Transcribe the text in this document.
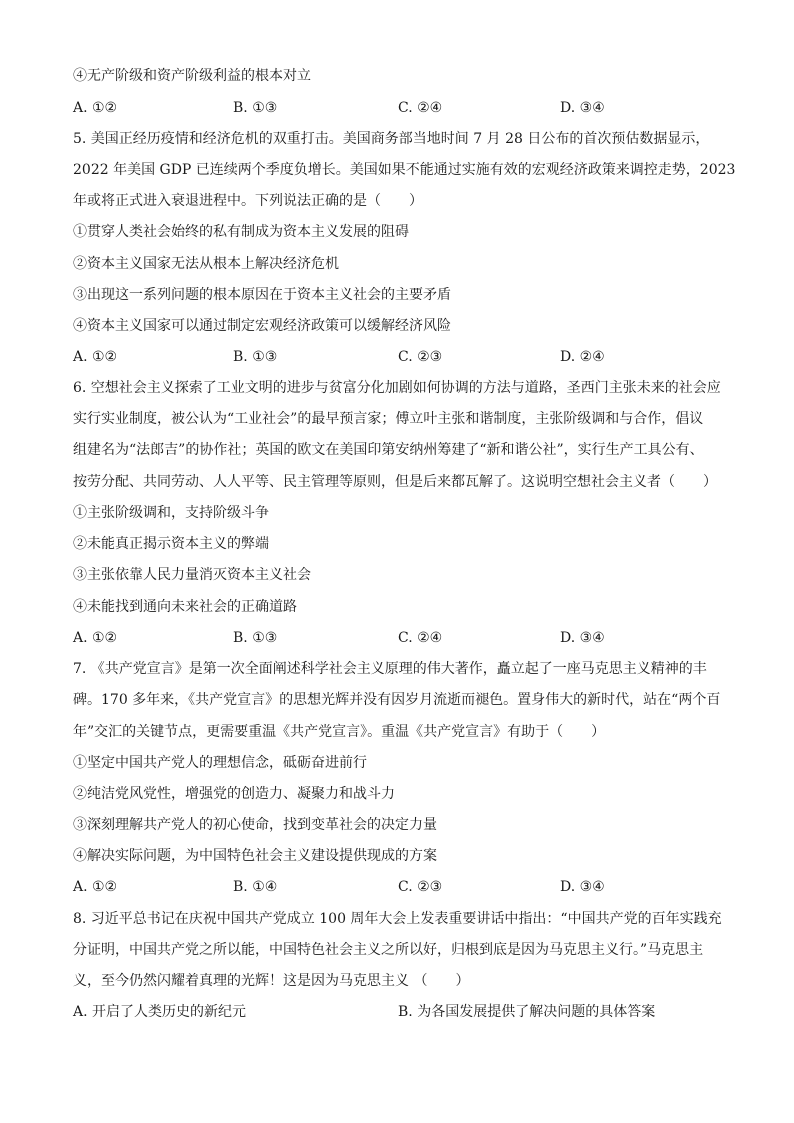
④无产阶级和资产阶级利益的根本对立
A. ①②	B. ①③	C. ②④	D. ③④
5. 美国正经历疫情和经济危机的双重打击。美国商务部当地时间 7 月 28 日公布的首次预估数据显示，
2022 年美国 GDP 已连续两个季度负增长。美国如果不能通过实施有效的宏观经济政策来调控走势，2023
年或将正式进入衰退进程中。下列说法正确的是（　　）
①贯穿人类社会始终的私有制成为资本主义发展的阻碍
②资本主义国家无法从根本上解决经济危机
③出现这一系列问题的根本原因在于资本主义社会的主要矛盾
④资本主义国家可以通过制定宏观经济政策可以缓解经济风险
A. ①②	B. ①③	C. ②③	D. ②④
6. 空想社会主义探索了工业文明的进步与贫富分化加剧如何协调的方法与道路，圣西门主张未来的社会应
实行实业制度，被公认为“工业社会”的最早预言家；傅立叶主张和谐制度，主张阶级调和与合作，倡议
组建名为“法郎吉”的协作社；英国的欧文在美国印第安纳州筹建了“新和谐公社”，实行生产工具公有、
按劳分配、共同劳动、人人平等、民主管理等原则，但是后来都瓦解了。这说明空想社会主义者（　　）
①主张阶级调和，支持阶级斗争
②未能真正揭示资本主义的弊端
③主张依靠人民力量消灭资本主义社会
④未能找到通向未来社会的正确道路
A. ①②	B. ①③	C. ②④	D. ③④
7. 《共产党宣言》是第一次全面阐述科学社会主义原理的伟大著作，矗立起了一座马克思主义精神的丰
碑。170 多年来，《共产党宣言》的思想光辉并没有因岁月流逝而褪色。置身伟大的新时代，站在“两个百
年”交汇的关键节点，更需要重温《共产党宣言》。重温《共产党宣言》有助于（　　）
①坚定中国共产党人的理想信念，砥砺奋进前行
②纯洁党风党性，增强党的创造力、凝聚力和战斗力
③深刻理解共产党人的初心使命，找到变革社会的决定力量
④解决实际问题，为中国特色社会主义建设提供现成的方案
A. ①②	B. ①④	C. ②③	D. ③④
8. 习近平总书记在庆祝中国共产党成立 100 周年大会上发表重要讲话中指出：“中国共产党的百年实践充
分证明，中国共产党之所以能，中国特色社会主义之所以好，归根到底是因为马克思主义行。”马克思主
义，至今仍然闪耀着真理的光辉！这是因为马克思主义 （　　）
A. 开启了人类历史的新纪元	B. 为各国发展提供了解决问题的具体答案
